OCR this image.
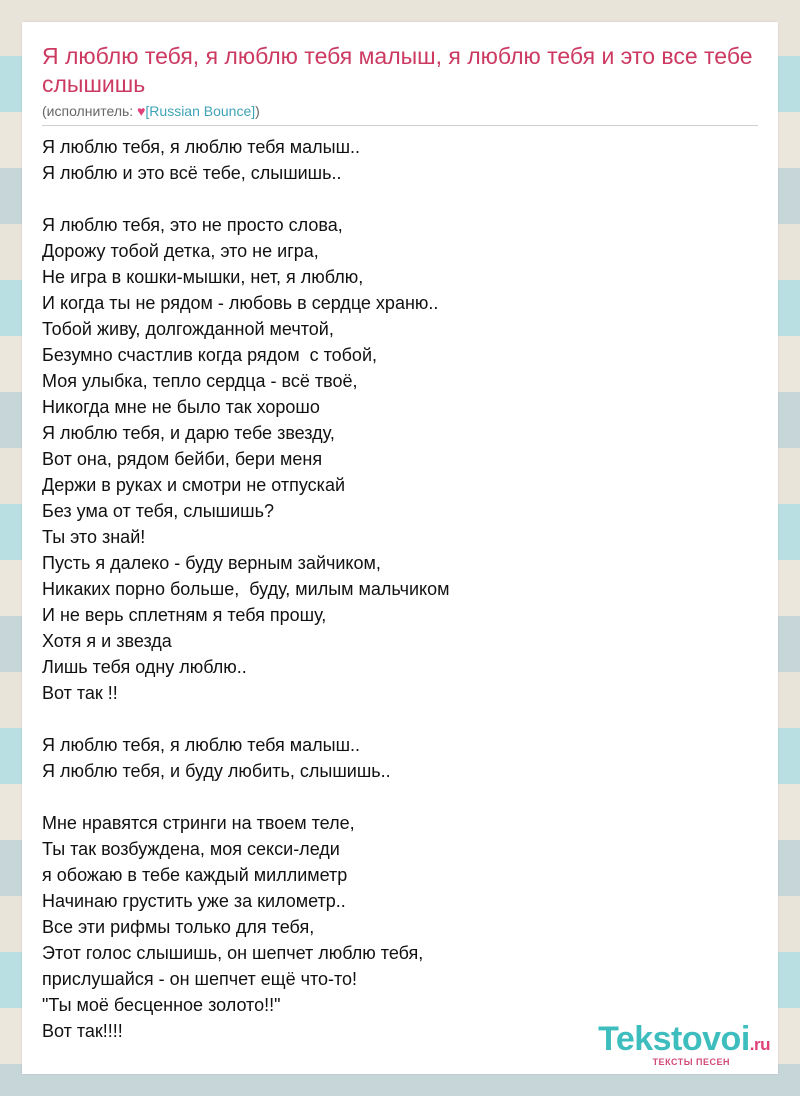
Я люблю тебя, я люблю тебя малыш, я люблю тебя и это все тебе слышишь
(исполнитель: ♥[Russian Bounce])
Я люблю тебя, я люблю тебя малыш..
Я люблю и это всё тебе, слышишь..
Я люблю тебя, это не просто слова,
Дорожу тобой детка, это не игра,
Не игра в кошки-мышки, нет, я люблю,
И когда ты не рядом - любовь в сердце храню..
Тобой живу, долгожданной мечтой,
Безумно счастлив когда рядом  с тобой,
Моя улыбка, тепло сердца - всё твоё,
Никогда мне не было так хорошо
Я люблю тебя, и дарю тебе звезду,
Вот она, рядом бейби, бери меня
Держи в руках и смотри не отпускай
Без ума от тебя, слышишь?
Ты это знай!
Пусть я далеко - буду верным зайчиком,
Никаких порно больше,  буду, милым мальчиком
И не верь сплетням я тебя прошу,
Хотя я и звезда
Лишь тебя одну люблю..
Вот так !!
Я люблю тебя, я люблю тебя малыш..
Я люблю тебя, и буду любить, слышишь..
Мне нравятся стринги на твоем теле,
Ты так возбуждена, моя секси-леди
я обожаю в тебе каждый миллиметр
Начинаю грустить уже за километр..
Все эти рифмы только для тебя,
Этот голос слышишь, он шепчет люблю тебя,
прислушайся - он шепчет ещё что-то!
"Ты моё бесценное золото!!"
Вот так!!!!	Tekstovoi.ru
ТЕКСТЫ ПЕСЕН
